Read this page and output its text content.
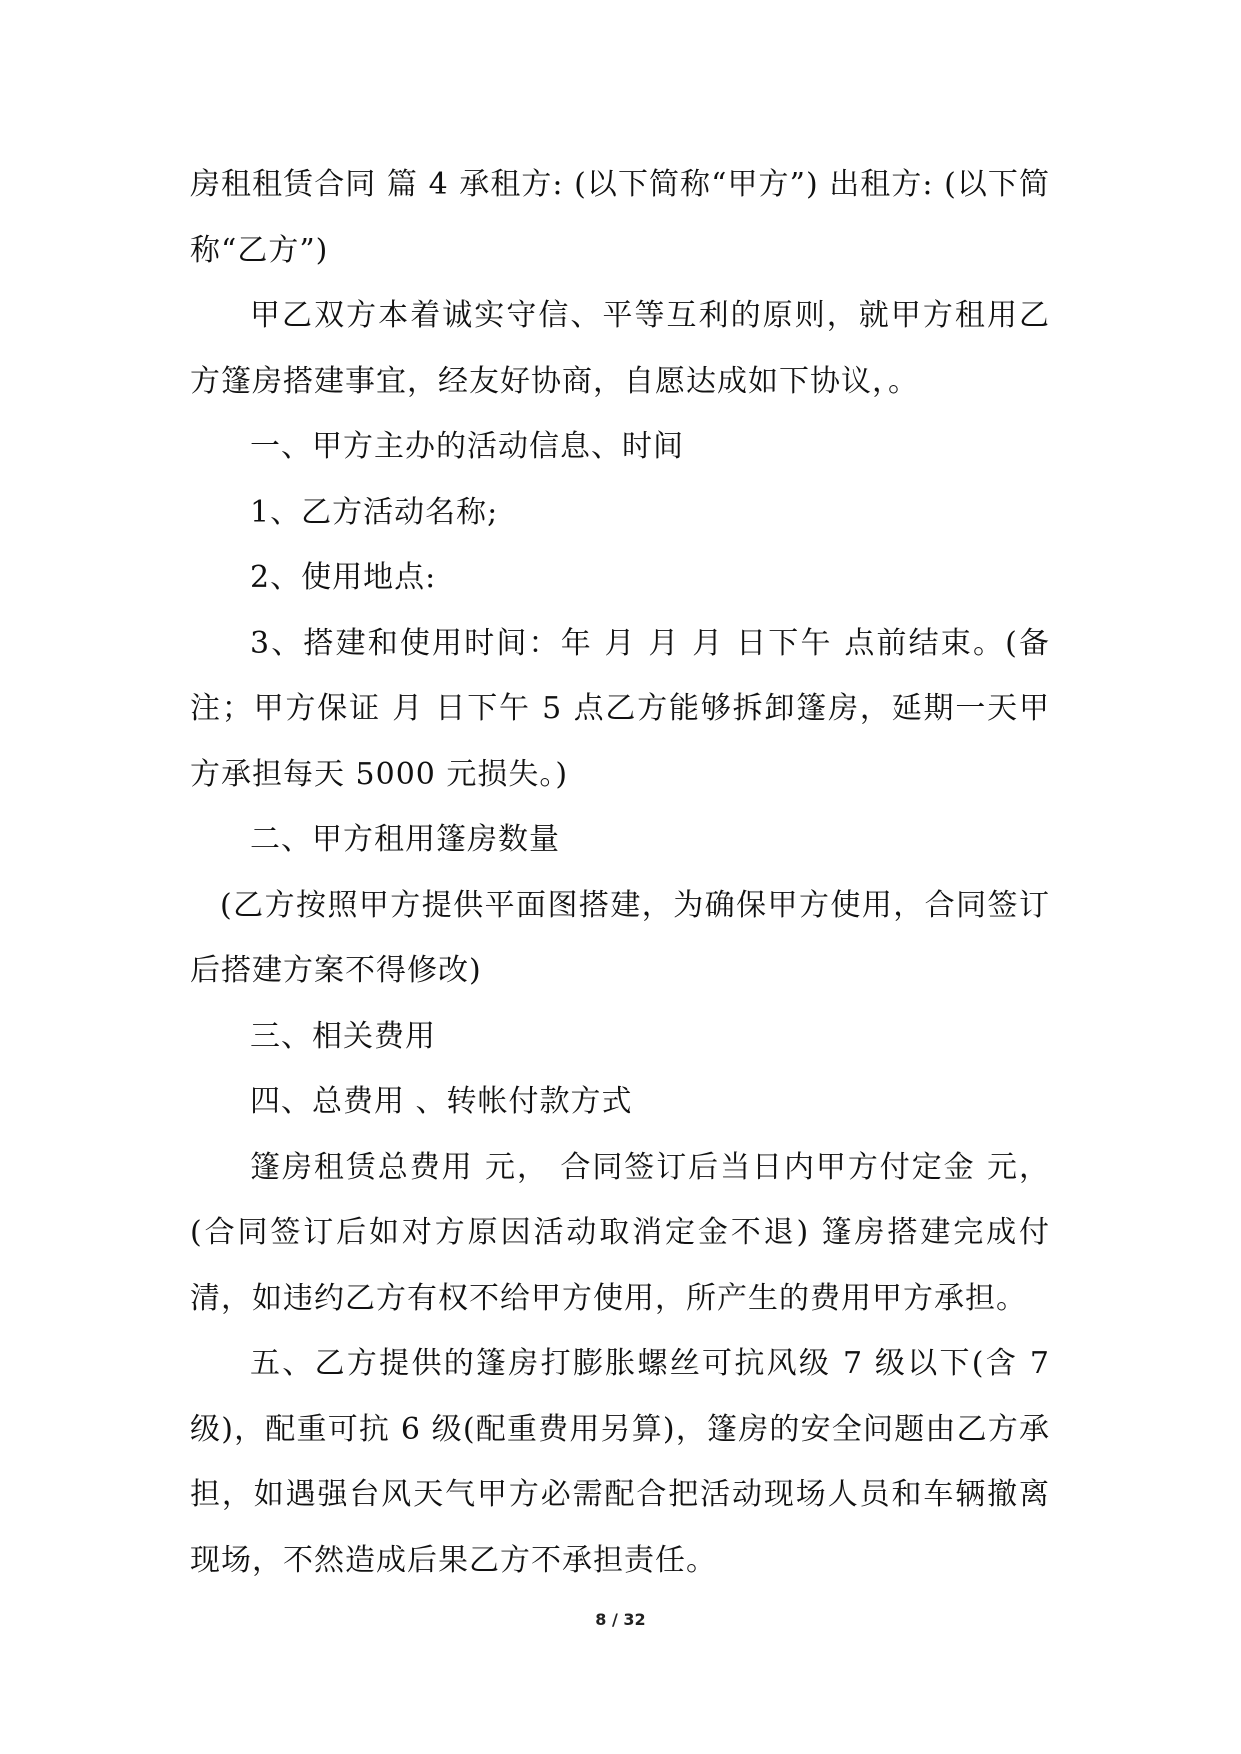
房租租赁合同 篇 4 承租方: (以下简称“甲方”) 出租方: (以下简称“乙方”)

甲乙双方本着诚实守信、平等互利的原则，就甲方租用乙方篷房搭建事宜，经友好协商，自愿达成如下协议，。

一、甲方主办的活动信息、时间

1、乙方活动名称;

2、使用地点:

3、搭建和使用时间：年 月 月 月 日下午 点前结束。(备注；甲方保证 月 日下午 5 点乙方能够拆卸篷房，延期一天甲方承担每天 5000 元损失。)

二、甲方租用篷房数量

(乙方按照甲方提供平面图搭建，为确保甲方使用，合同签订后搭建方案不得修改)

三、相关费用

四、总费用 、转帐付款方式

篷房租赁总费用 元， 合同签订后当日内甲方付定金 元，(合同签订后如对方原因活动取消定金不退) 篷房搭建完成付清，如违约乙方有权不给甲方使用，所产生的费用甲方承担。

五、乙方提供的篷房打膨胀螺丝可抗风级 7 级以下(含 7 级)，配重可抗 6 级(配重费用另算)，篷房的安全问题由乙方承担，如遇强台风天气甲方必需配合把活动现场人员和车辆撤离现场，不然造成后果乙方不承担责任。

8 / 32
